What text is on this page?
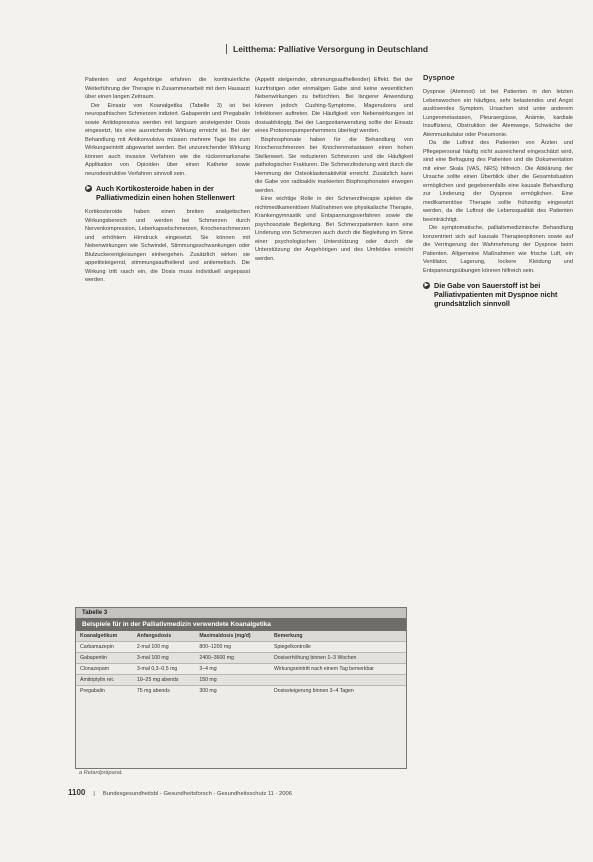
Leitthema: Palliative Versorgung in Deutschland

Patienten und Angehörige erfahren die kontinuierliche Weiterführung der Therapie in Zusammenarbeit mit dem Hausarzt über einen langen Zeitraum.

Der Einsatz von Koanalgetika (Tabelle 3) ist bei neuropathischen Schmerzen indiziert. Gabapentin und Pregabalin sowie Antidepressiva werden mit langsam ansteigender Dosis eingesetzt, bis eine ausreichende Wirkung erreicht ist. Bei der Behandlung mit Antikonvulsiva müssen mehrere Tage bis zum Wirkungseintritt abgewartet werden. Bei unzureichender Wirkung können auch invasive Verfahren wie die rückenmarksnahe Applikation von Opioiden über einen Katheter sowie neurodestruktive Verfahren sinnvoll sein.

▶ Auch Kortikosteroide haben in der Palliativmedizin einen hohen Stellenwert

Kortikosteroide haben einen breiten analgetischen Wirkungsbereich und werden bei Schmerzen durch Nervenkompression, Leberkapselschmerzen, Knochenschmerzen und erhöhtem Hirndruck eingesetzt. Sie können mit Nebenwirkungen wie Schwindel, Stimmungsschwankungen oder Blutzuckerentgleisungen einhergehen. Zusätzlich wirken sie appetitsteigernd, stimmungsaufhellend und antiemetisch. Die Wirkung tritt rasch ein, die Dosis muss individuell angepasst werden.

(Appetit steigernder, stimmungsaufhellender) Effekt. Bei der kurzfristigen oder einmaligen Gabe sind keine wesentlichen Nebenwirkungen zu befürchten. Bei längerer Anwendung können jedoch Cushing-Symptome, Magenulzera und Infektionen auftreten. Die Häufigkeit von Nebenwirkungen ist dosisabhängig. Bei der Langzeitanwendung sollte der Einsatz eines Protonenpumpenhemmers überlegt werden.

Bisphosphonate haben für die Behandlung von Knochenschmerzen bei Knochenmetastasen einen hohen Stellenwert. Sie reduzieren Schmerzen und die Häufigkeit pathologischer Frakturen. Die Schmerzlinderung wird durch die Hemmung der Osteoklastenaktivität erreicht. Zusätzlich kann die Gabe von radioaktiv markierten Bisphosphonaten erwogen werden.

Eine wichtige Rolle in der Schmerztherapie spielen die nichtmedikamentösen Maßnahmen wie physikalische Therapie, Krankengymnastik und Entspannungsverfahren sowie die psychosoziale Begleitung. Bei Schmerzpatienten kann eine Linderung von Schmerzen auch durch die Begleitung im Sinne einer psychologischen Unterstützung oder durch die Unterstützung der Angehörigen und des Umfeldes erreicht werden.

Dyspnoe

Dyspnoe (Atemnot) ist bei Patienten in den letzten Lebenswochen ein häufiges, sehr belastendes und Angst auslösendes Symptom. Ursachen sind unter anderem Lungenmetastasen, Pleuraergüsse, Anämie, kardiale Insuffizienz, Obstruktion der Atemwege, Schwäche der Atemmuskulatur oder Pneumonie.

Da die Luftnot des Patienten von Ärzten und Pflegepersonal häufig nicht ausreichend eingeschätzt wird, sind eine Befragung des Patienten und die Dokumentation mit einer Skala (VAS, NRS) hilfreich. Die Abklärung der Ursache sollte einen Überblick über die Gesamtsituation ermöglichen und gegebenenfalls eine kausale Behandlung zur Linderung der Dyspnoe ermöglichen. Eine medikamentöse Therapie sollte frühzeitig eingesetzt werden, da die Luftnot die Lebensqualität des Patienten beeinträchtigt.

Die symptomatische, palliativmedizinische Behandlung konzentriert sich auf kausale Therapieoptionen sowie auf die Verringerung der Wahrnehmung der Dyspnoe beim Patienten. Allgemeine Maßnahmen wie frische Luft, ein Ventilator, Lagerung, lockere Kleidung und Entspannungsübungen können hilfreich sein.

▶ Die Gabe von Sauerstoff ist bei Palliativpatienten mit Dyspnoe nicht grundsätzlich sinnvoll
Tabelle 3
Beispiele für in der Palliativmedizin verwendete Koanalgetika
Koanalgetikum	Anfangsdosis	Maximaldosis (mg/d)	Bemerkung
Carbamazepin	2-mal 100 mg	800–1200 mg	Spiegelkontrolle
Gabapentin	3-mal 100 mg	2400–3600 mg	Dosiserhöhung binnen 1–3 Wochen
Clonazepam	3-mal 0,3–0,5 mg	3–4 mg	Wirkungseintritt nach einem Tag bemerkbar
Amitriptylin ret.	10–25 mg abends	150 mg	
Pregabalin	75 mg abends	300 mg	Dosissteigerung binnen 3–4 Tagen
a Retardpräparat.
1100 | Bundesgesundheitsbl - Gesundheitsforsch - Gesundheitsschutz 11 · 2006
